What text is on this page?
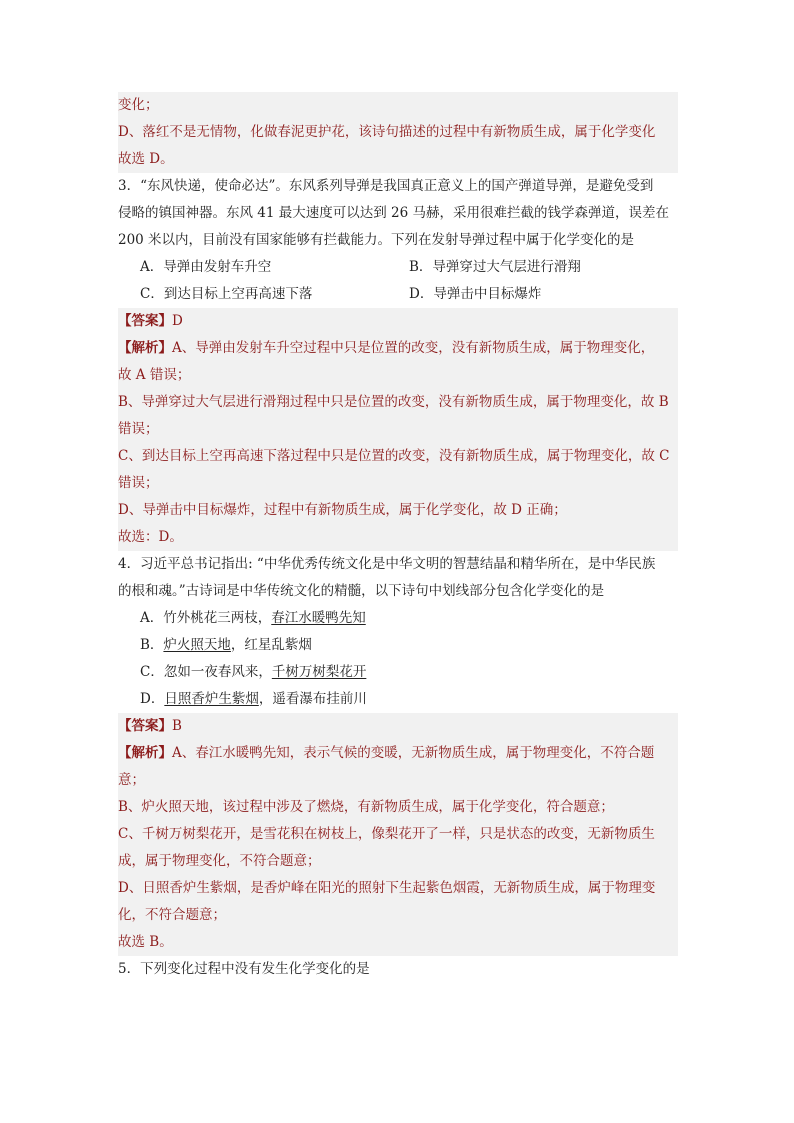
变化；
D、落红不是无情物，化做春泥更护花，该诗句描述的过程中有新物质生成，属于化学变化
故选 D。
3．“东风快递，使命必达”。东风系列导弹是我国真正意义上的国产弹道导弹，是避免受到
侵略的镇国神器。东风 41 最大速度可以达到 26 马赫，采用很难拦截的钱学森弹道，误差在
200 米以内，目前没有国家能够有拦截能力。下列在发射导弹过程中属于化学变化的是
A．导弹由发射车升空	B．导弹穿过大气层进行滑翔
C．到达目标上空再高速下落	D．导弹击中目标爆炸
【答案】D
【解析】A、导弹由发射车升空过程中只是位置的改变，没有新物质生成，属于物理变化，
故 A 错误；
B、导弹穿过大气层进行滑翔过程中只是位置的改变，没有新物质生成，属于物理变化，故 B
错误；
C、到达目标上空再高速下落过程中只是位置的改变，没有新物质生成，属于物理变化，故 C
错误；
D、导弹击中目标爆炸，过程中有新物质生成，属于化学变化，故 D 正确；
故选：D。
4．习近平总书记指出: “中华优秀传统文化是中华文明的智慧结晶和精华所在，是中华民族
的根和魂。”古诗词是中华传统文化的精髓，以下诗句中划线部分包含化学变化的是
A．竹外桃花三两枝，春江水暖鸭先知
B．炉火照天地，红星乱紫烟
C．忽如一夜春风来，千树万树梨花开
D．日照香炉生紫烟，遥看瀑布挂前川
【答案】B
【解析】A、春江水暖鸭先知，表示气候的变暖，无新物质生成，属于物理变化，不符合题
意；
B、炉火照天地，该过程中涉及了燃烧，有新物质生成，属于化学变化，符合题意；
C、千树万树梨花开，是雪花积在树枝上，像梨花开了一样，只是状态的改变，无新物质生
成，属于物理变化，不符合题意；
D、日照香炉生紫烟，是香炉峰在阳光的照射下生起紫色烟霞，无新物质生成，属于物理变
化，不符合题意；
故选 B。
5．下列变化过程中没有发生化学变化的是
